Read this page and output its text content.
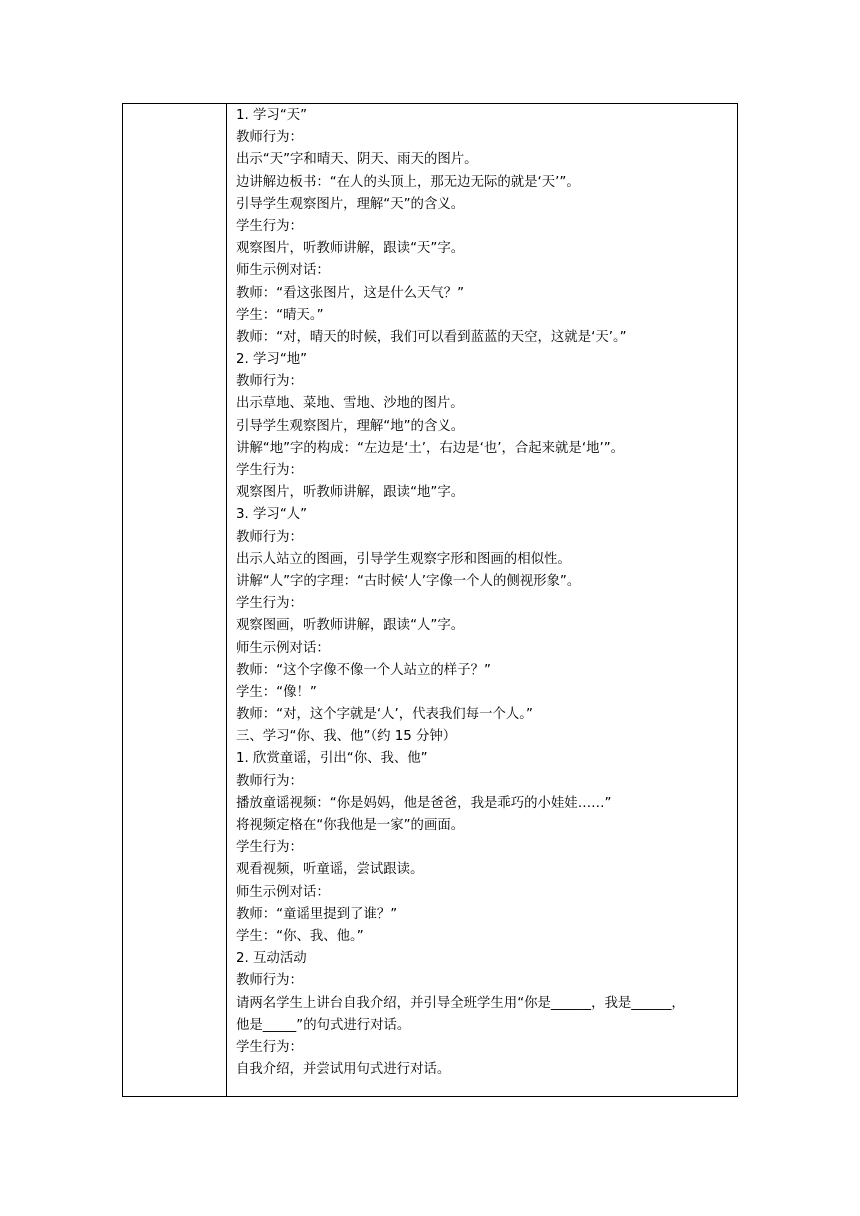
1. 学习“天”
教师行为：
出示“天”字和晴天、阴天、雨天的图片。
边讲解边板书：“在人的头顶上，那无边无际的就是‘天’”。
引导学生观察图片，理解“天”的含义。
学生行为：
观察图片，听教师讲解，跟读“天”字。
师生示例对话：
教师：“看这张图片，这是什么天气？”
学生：“晴天。”
教师：“对，晴天的时候，我们可以看到蓝蓝的天空，这就是‘天’。”
2. 学习“地”
教师行为：
出示草地、菜地、雪地、沙地的图片。
引导学生观察图片，理解“地”的含义。
讲解“地”字的构成：“左边是‘土’，右边是‘也’，合起来就是‘地’”。
学生行为：
观察图片，听教师讲解，跟读“地”字。
3. 学习“人”
教师行为：
出示人站立的图画，引导学生观察字形和图画的相似性。
讲解“人”字的字理：“古时候‘人’字像一个人的侧视形象”。
学生行为：
观察图画，听教师讲解，跟读“人”字。
师生示例对话：
教师：“这个字像不像一个人站立的样子？”
学生：“像！”
教师：“对，这个字就是‘人’，代表我们每一个人。”
三、学习“你、我、他”（约 15 分钟）
1. 欣赏童谣，引出“你、我、他”
教师行为：
播放童谣视频：“你是妈妈，他是爸爸，我是乖巧的小娃娃……”
将视频定格在“你我他是一家”的画面。
学生行为：
观看视频，听童谣，尝试跟读。
师生示例对话：
教师：“童谣里提到了谁？”
学生：“你、我、他。”
2. 互动活动
教师行为：
请两名学生上讲台自我介绍，并引导全班学生用“你是______，我是______，
他是_____”的句式进行对话。
学生行为：
自我介绍，并尝试用句式进行对话。
